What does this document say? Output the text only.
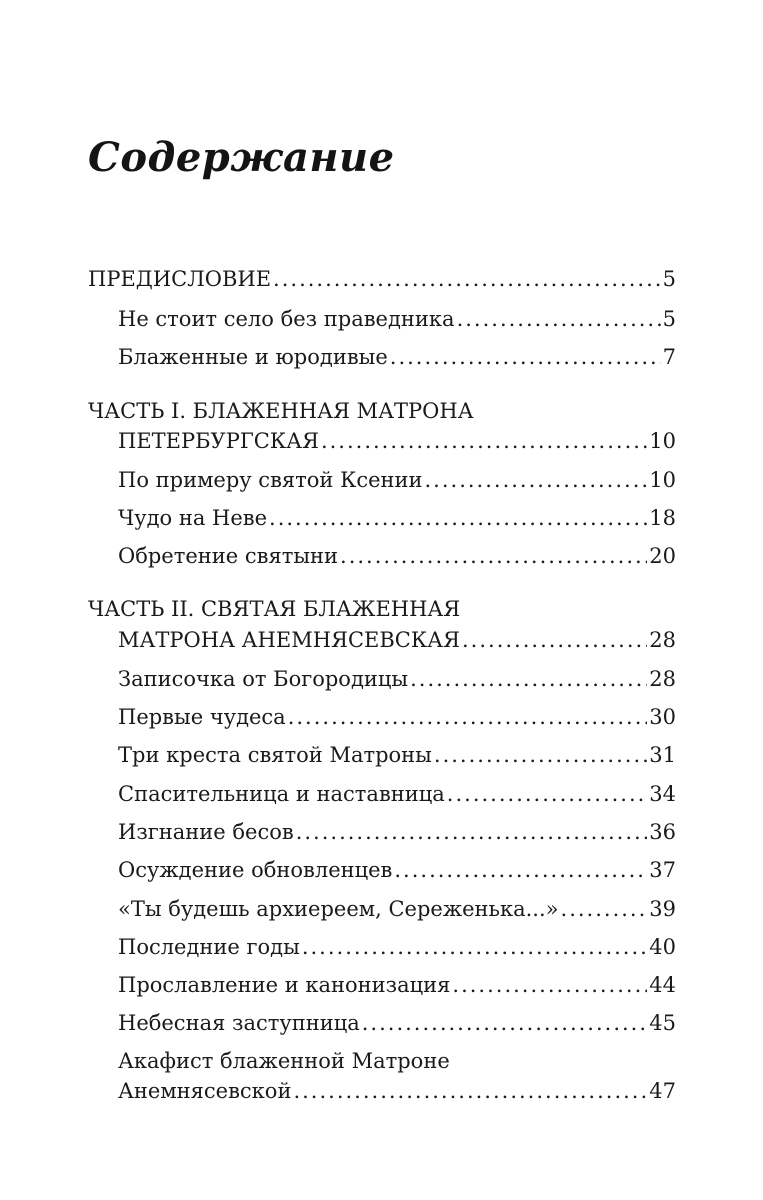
Содержание
ПРЕДИСЛОВИЕ .....	5
Не стоит село без праведника .....	5
Блаженные и юродивые .....	7
ЧАСТЬ I. БЛАЖЕННАЯ МАТРОНА
ПЕТЕРБУРГСКАЯ .....	10
По примеру святой Ксении .....	10
Чудо на Неве .....	18
Обретение святыни .....	20
ЧАСТЬ II. СВЯТАЯ БЛАЖЕННАЯ
МАТРОНА АНЕМНЯСЕВСКАЯ .....	28
Записочка от Богородицы .....	28
Первые чудеса .....	30
Три креста святой Матроны .....	31
Спасительница и наставница .....	34
Изгнание бесов .....	36
Осуждение обновленцев .....	37
«Ты будешь архиереем, Сереженька...» .....	39
Последние годы .....	40
Прославление и канонизация .....	44
Небесная заступница .....	45
Акафист блаженной Матроне
Анемнясевской .....	47
